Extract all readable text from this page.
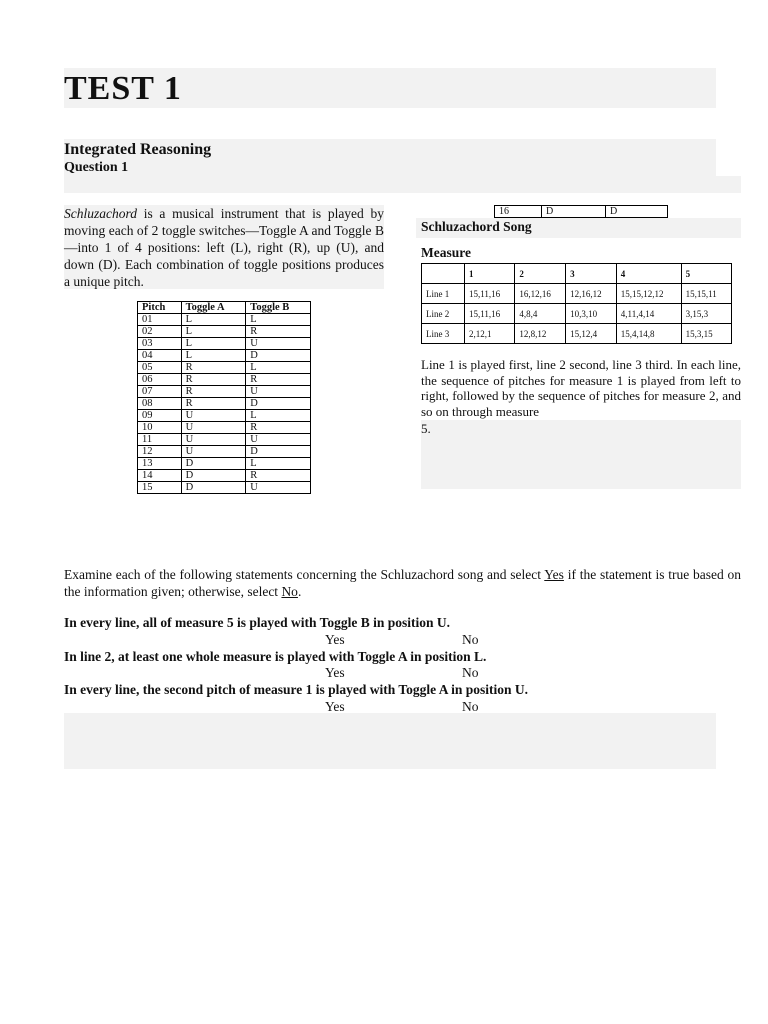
TEST 1
Integrated Reasoning
Question 1
Schluzachord is a musical instrument that is played by moving each of 2 toggle switches—Toggle A and Toggle B—into 1 of 4 positions: left (L), right (R), up (U), and down (D). Each combination of toggle positions produces a unique pitch.
Pitch	Toggle A	Toggle B
01	L	L
02	L	R
03	L	U
04	L	D
05	R	L
06	R	R
07	R	U
08	R	D
09	U	L
10	U	R
11	U	U
12	U	D
13	D	L
14	D	R
15	D	U
16	D	D
Schluzachord Song
Measure
	1	2	3	4	5
Line 1	15,11,16	16,12,16	12,16,12	15,15,12,12	15,15,11
Line 2	15,11,16	4,8,4	10,3,10	4,11,4,14	3,15,3
Line 3	2,12,1	12,8,12	15,12,4	15,4,14,8	15,3,15
Line 1 is played first, line 2 second, line 3 third. In each line, the sequence of pitches for measure 1 is played from left to right, followed by the sequence of pitches for measure 2, and so on through measure
5.
Examine each of the following statements concerning the Schluzachord song and select Yes if the statement is true based on the information given; otherwise, select No.
In every line, all of measure 5 is played with Toggle B in position U.
Yes	No
In line 2, at least one whole measure is played with Toggle A in position L.
Yes	No
In every line, the second pitch of measure 1 is played with Toggle A in position U.
Yes	No
